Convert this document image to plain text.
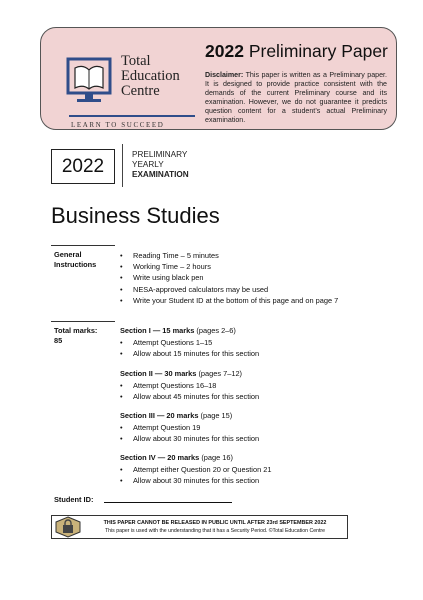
Total
Education
Centre
LEARN TO SUCCEED
2022 Preliminary Paper
Disclaimer: This paper is written as a Preliminary paper. It is designed to provide practice consistent with the demands of the current Preliminary course and its examination. However, we do not guarantee it predicts question content for a student’s actual Preliminary examination.
2022
PRELIMINARY
YEARLY
EXAMINATION
Business Studies
General
Instructions
• Reading Time – 5 minutes
• Working Time – 2 hours
• Write using black pen
• NESA-approved calculators may be used
• Write your Student ID at the bottom of this page and on page 7
Total marks:
85
Section I — 15 marks (pages 2–6)
• Attempt Questions 1–15
• Allow about 15 minutes for this section
Section II — 30 marks (pages 7–12)
• Attempt Questions 16–18
• Allow about 45 minutes for this section
Section III — 20 marks (page 15)
• Attempt Question 19
• Allow about 30 minutes for this section
Section IV — 20 marks (page 16)
• Attempt either Question 20 or Question 21
• Allow about 30 minutes for this section
Student ID:
THIS PAPER CANNOT BE RELEASED IN PUBLIC UNTIL AFTER 23rd SEPTEMBER 2022
This paper is used with the understanding that it has a Security Period. ©Total Education Centre
